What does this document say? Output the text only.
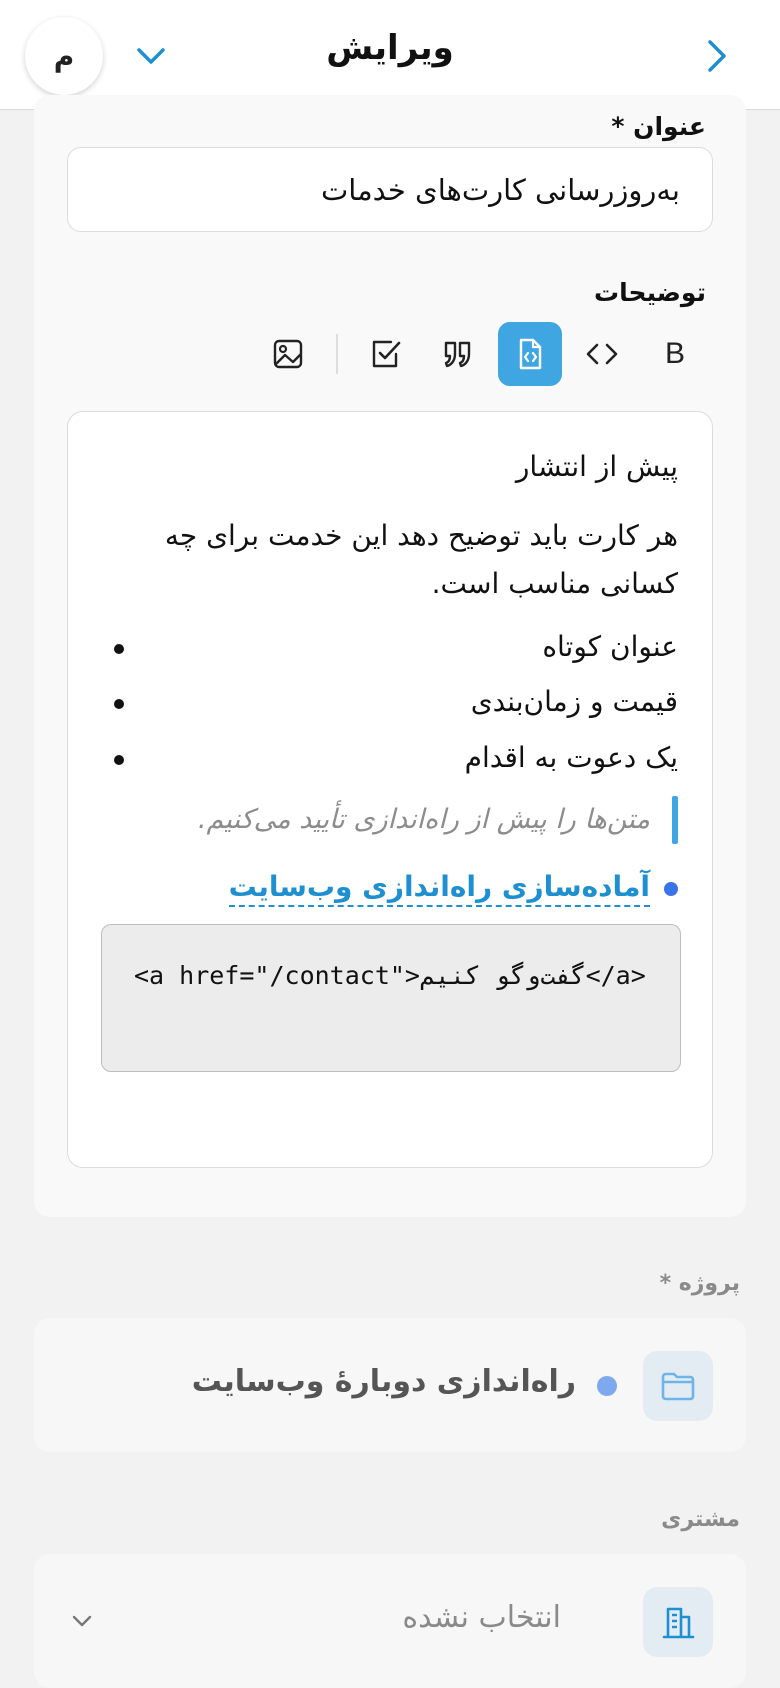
م	ویرایش
عنوان *
به‌روزرسانی کارت‌های خدمات
توضیحات
B
پیش از انتشار
هر کارت باید توضیح دهد این خدمت برای چه کسانی مناسب است.
عنوان کوتاه
قیمت و زمان‌بندی
یک دعوت به اقدام
متن‌ها را پیش از راه‌اندازی تأیید می‌کنیم.
آماده‌سازی راه‌اندازی وب‌سایت
<a href="/contact">گفت‌وگو کنیم</a>
پروژه *
راه‌اندازی دوبارهٔ وب‌سایت
مشتری
انتخاب نشده
